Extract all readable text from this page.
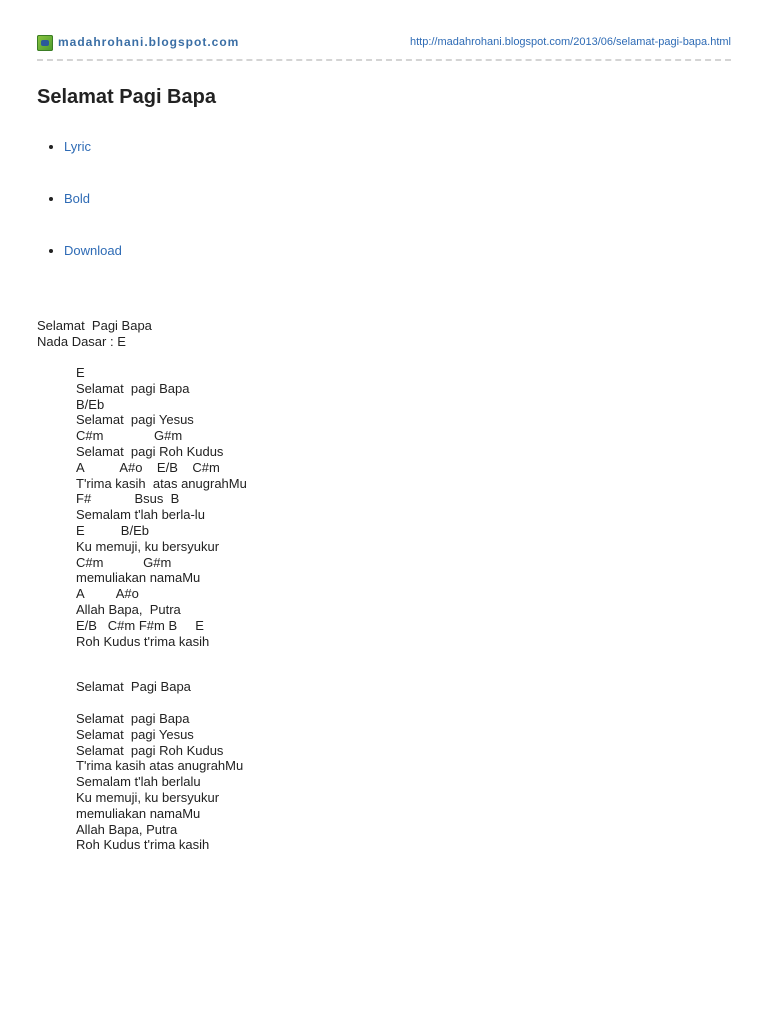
madahrohani.blogspot.com	http://madahrohani.blogspot.com/2013/06/selamat-pagi-bapa.html
Selamat Pagi Bapa
Lyric
Bold
Download
Selamat  Pagi Bapa
Nada Dasar : E
E
Selamat  pagi Bapa
B/Eb
Selamat  pagi Yesus
C#m              G#m
Selamat  pagi Roh Kudus
A          A#o    E/B    C#m
T'rima kasih  atas anugrahMu
F#            Bsus  B
Semalam t'lah berla-lu
E          B/Eb
Ku memuji, ku bersyukur
C#m           G#m
memuliakan namaMu
A         A#o
Allah Bapa,  Putra
E/B   C#m F#m B     E
Roh Kudus t'rima kasih
Selamat  Pagi Bapa
Selamat  pagi Bapa
Selamat  pagi Yesus
Selamat  pagi Roh Kudus
T'rima kasih atas anugrahMu
Semalam t'lah berlalu
Ku memuji, ku bersyukur
memuliakan namaMu
Allah Bapa, Putra
Roh Kudus t'rima kasih
